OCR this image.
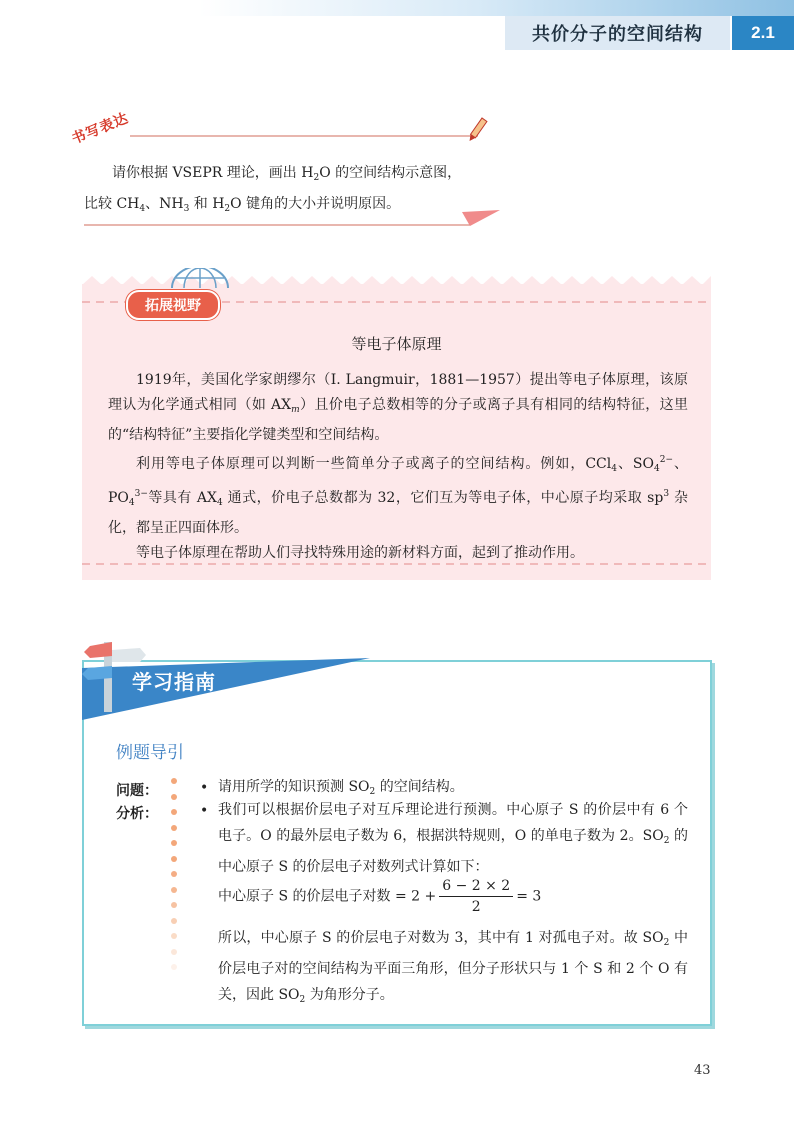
共价分子的空间结构	2.1
书写表达

请你根据 VSEPR 理论，画出 $H_2O$ 的空间结构示意图，

比较 $CH_4$、$NH_3$ 和 $H_2O$ 键角的大小并说明原因。

拓展视野
等电子体原理

1919年，美国化学家朗缪尔（I. Langmuir，1881—1957）提出等电子体原理，该原理认为化学通式相同（如 $AX_m$）且价电子总数相等的分子或离子具有相同的结构特征，这里的“结构特征”主要指化学键类型和空间结构。

利用等电子体原理可以判断一些简单分子或离子的空间结构。例如，CCl$_4$、$SO_4^{2-}$、$PO_4^{3-}$等具有 $AX_4$ 通式，价电子总数都为 32，它们互为等电子体，中心原子均采取 $sp^3$ 杂化，都呈正四面体形。

等电子体原理在帮助人们寻找特殊用途的新材料方面，起到了推动作用。

学习指南
例题导引
问题：
分析：
•
•

请用所学的知识预测 $SO_2$ 的空间结构。

我们可以根据价层电子对互斥理论进行预测。中心原子 S 的价层中有 6 个电子。O 的最外层电子数为 6，根据洪特规则，O 的单电子数为 2。$SO_2$ 的中心原子 S 的价层电子对数列式计算如下：

中心原子 S 的价层电子对数 = $2 + \frac{6 - 2 \times 2}{2} = 3$

所以，中心原子 S 的价层电子对数为 3，其中有 1 对孤电子对。故 $SO_2$ 中价层电子对的空间结构为平面三角形，但分子形状只与 1 个 S 和 2 个 O 有关，因此 $SO_2$ 为角形分子。

43
